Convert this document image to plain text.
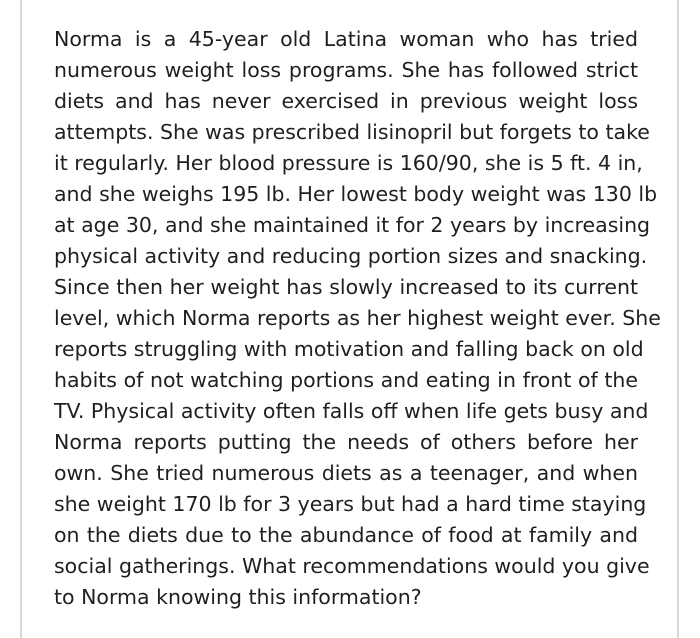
Norma is a 45-year old Latina woman who has tried
numerous weight loss programs. She has followed strict
diets and has never exercised in previous weight loss
attempts. She was prescribed lisinopril but forgets to take
it regularly. Her blood pressure is 160/90, she is 5 ft. 4 in,
and she weighs 195 lb. Her lowest body weight was 130 lb
at age 30, and she maintained it for 2 years by increasing
physical activity and reducing portion sizes and snacking.
Since then her weight has slowly increased to its current
level, which Norma reports as her highest weight ever. She
reports struggling with motivation and falling back on old
habits of not watching portions and eating in front of the
TV. Physical activity often falls off when life gets busy and
Norma reports putting the needs of others before her
own. She tried numerous diets as a teenager, and when
she weight 170 lb for 3 years but had a hard time staying
on the diets due to the abundance of food at family and
social gatherings. What recommendations would you give
to Norma knowing this information?
